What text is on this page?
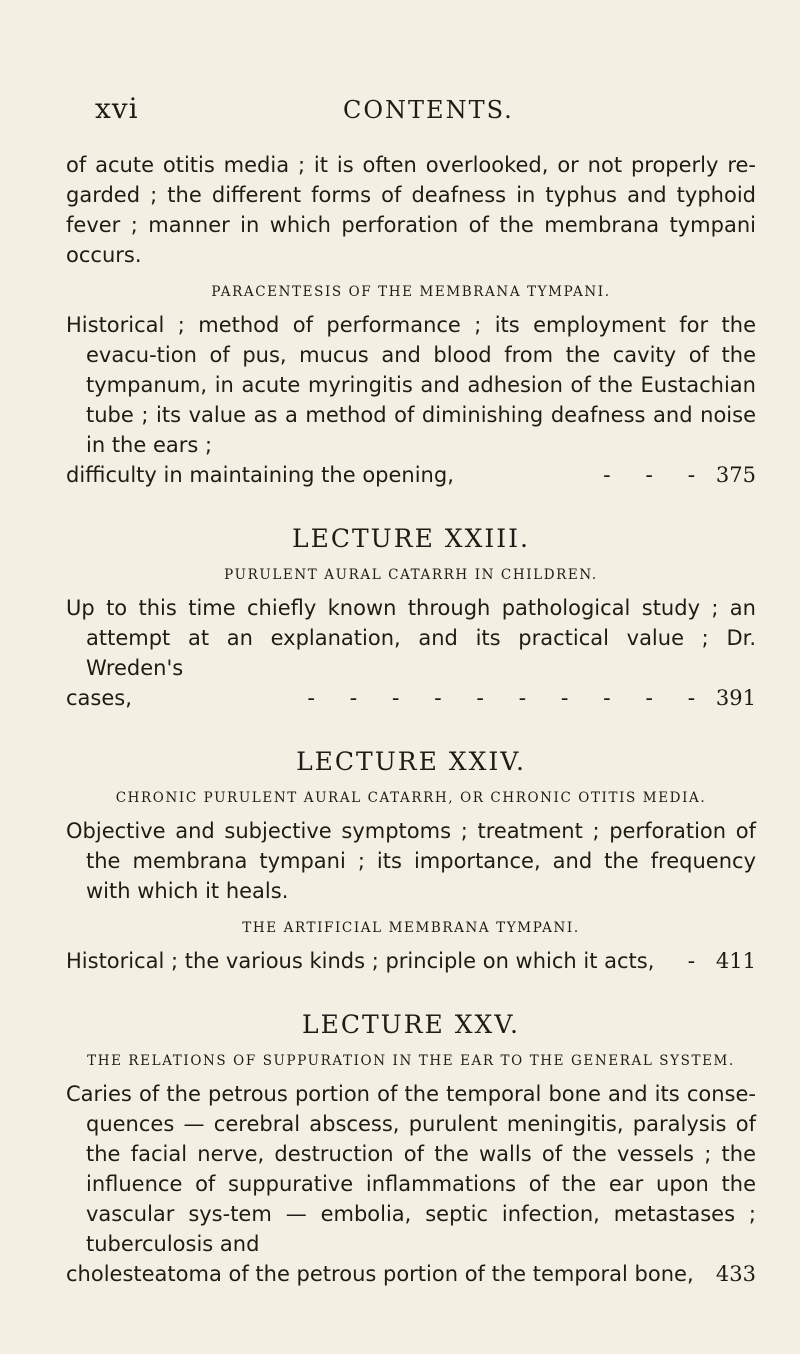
xvi	CONTENTS.

of acute otitis media ; it is often overlooked, or not properly re-garded ; the different forms of deafness in typhus and typhoid fever ; manner in which perforation of the membrana tympani occurs.

PARACENTESIS OF THE MEMBRANA TYMPANI.

Historical ; method of performance ; its employment for the evacu-tion of pus, mucus and blood from the cavity of the tympanum, in acute myringitis and adhesion of the Eustachian tube ; its value as a method of diminishing deafness and noise in the ears ;
difficulty in maintaining the opening,	- - - 375

LECTURE XXIII.
PURULENT AURAL CATARRH IN CHILDREN.

Up to this time chiefly known through pathological study ; an attempt at an explanation, and its practical value ; Dr. Wreden's
cases,	- - - - - - - - - - 391

LECTURE XXIV.
CHRONIC PURULENT AURAL CATARRH, OR CHRONIC OTITIS MEDIA.

Objective and subjective symptoms ; treatment ; perforation of the membrana tympani ; its importance, and the frequency with which it heals.

THE ARTIFICIAL MEMBRANA TYMPANI.

Historical ; the various kinds ; principle on which it acts, - 411

LECTURE XXV.
THE RELATIONS OF SUPPURATION IN THE EAR TO THE GENERAL SYSTEM.

Caries of the petrous portion of the temporal bone and its conse-quences — cerebral abscess, purulent meningitis, paralysis of the facial nerve, destruction of the walls of the vessels ; the influence of suppurative inflammations of the ear upon the vascular sys-tem — embolia, septic infection, metastases ; tuberculosis and
cholesteatoma of the petrous portion of the temporal bone, 433
